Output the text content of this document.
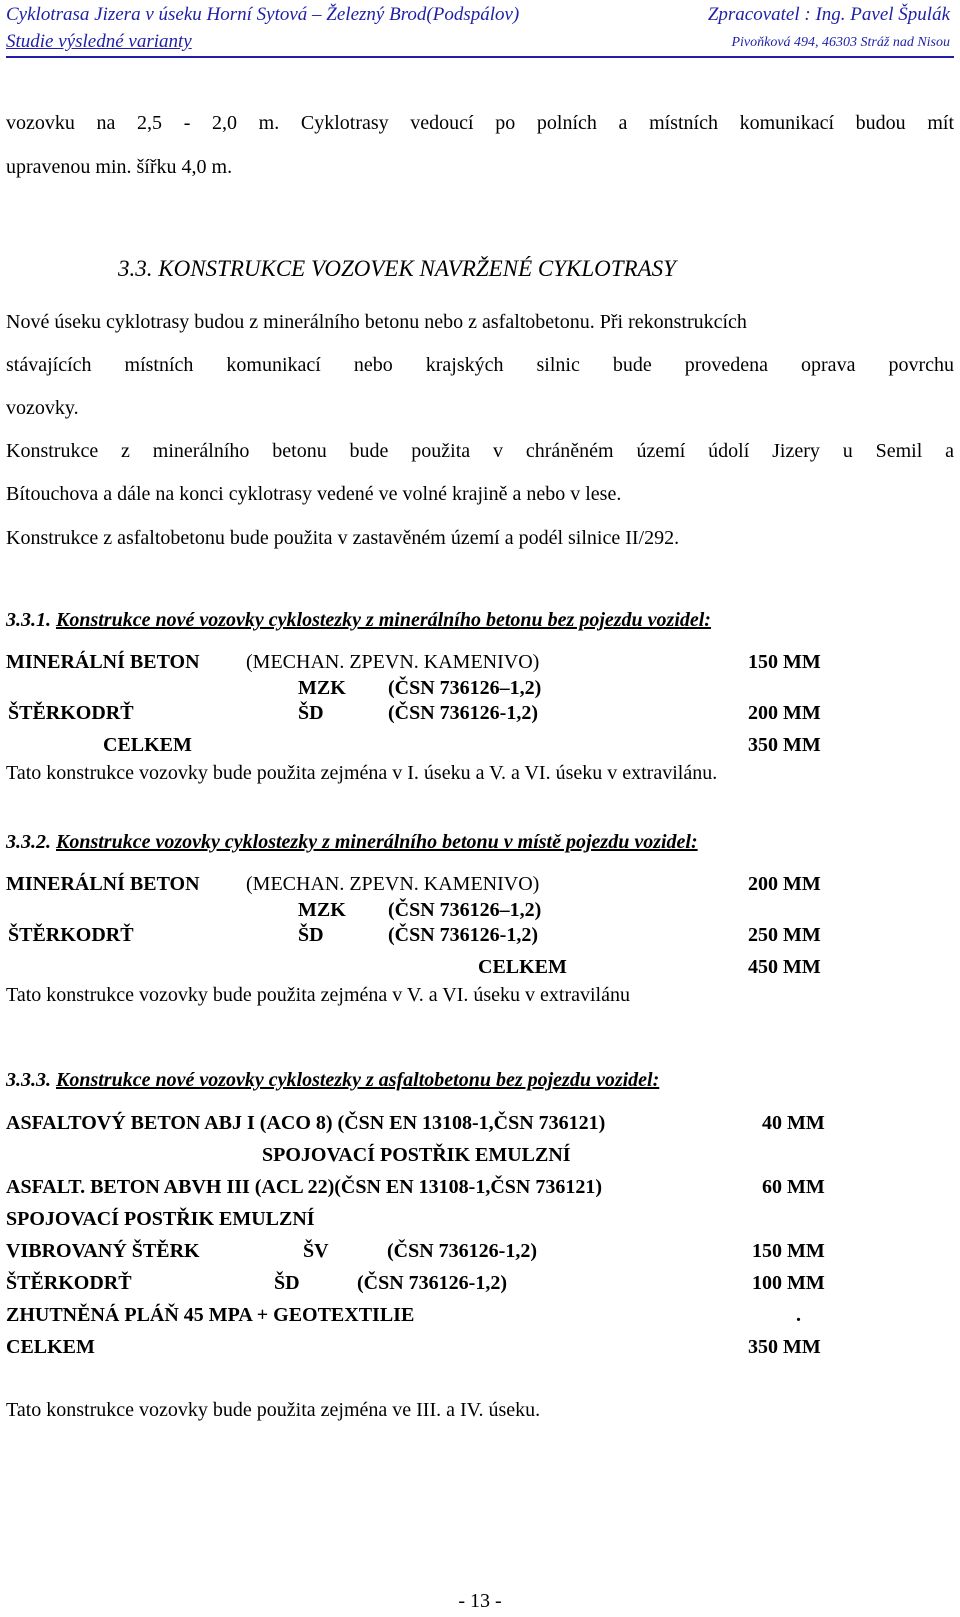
Cyklotrasa Jizera v úseku Horní Sytová – Železný Brod(Podspálov)	Zpracovatel : Ing. Pavel Špulák
Studie výsledné varianty	Pivoňková 494, 46303 Stráž nad Nisou
vozovku na 2,5 - 2,0 m. Cyklotrasy vedoucí po polních a místních komunikací budou mít
upravenou min. šířku 4,0 m.
3.3. KONSTRUKCE VOZOVEK NAVRŽENÉ CYKLOTRASY
Nové úseku cyklotrasy budou z minerálního betonu nebo z asfaltobetonu. Při rekonstrukcích
stávajících místních komunikací nebo krajských silnic bude provedena oprava povrchu
vozovky.
Konstrukce z minerálního betonu bude použita v chráněném území údolí Jizery u Semil a
Bítouchova a dále na konci cyklotrasy vedené ve volné krajině a nebo v lese.
Konstrukce z asfaltobetonu bude použita v zastavěném území a podél silnice II/292.
3.3.1. Konstrukce nové vozovky cyklostezky z minerálního betonu bez pojezdu vozidel:
MINERÁLNÍ BETON (MECHAN. ZPEVN. KAMENIVO)	150 MM
MZK (ČSN 736126–1,2)
ŠTĚRKODRŤ	ŠD	(ČSN 736126-1,2)	200 MM
CELKEM	350 MM
Tato konstrukce vozovky bude použita zejména v I. úseku a V. a VI. úseku v extravilánu.
3.3.2. Konstrukce vozovky cyklostezky z minerálního betonu v místě pojezdu vozidel:
MINERÁLNÍ BETON (MECHAN. ZPEVN. KAMENIVO)	200 MM
MZK (ČSN 736126–1,2)
ŠTĚRKODRŤ	ŠD	(ČSN 736126-1,2)	250 MM
CELKEM	450 MM
Tato konstrukce vozovky bude použita zejména v V. a VI. úseku v extravilánu
3.3.3. Konstrukce nové vozovky cyklostezky z asfaltobetonu bez pojezdu vozidel:
ASFALTOVÝ BETON ABJ I (ACO 8) (ČSN EN 13108-1,ČSN 736121)	40 MM
SPOJOVACÍ POSTŘIK EMULZNÍ
ASFALT. BETON ABVH III (ACL 22)(ČSN EN 13108-1,ČSN 736121)	60 MM
SPOJOVACÍ POSTŘIK EMULZNÍ
VIBROVANÝ ŠTĚRK	ŠV	(ČSN 736126-1,2)	150 MM
ŠTĚRKODRŤ	ŠD	(ČSN 736126-1,2)	100 MM
ZHUTNĚNÁ PLÁŇ 45 MPA + GEOTEXTILIE	.
CELKEM	350 MM
Tato konstrukce vozovky bude použita zejména ve III. a IV. úseku.
- 13 -
